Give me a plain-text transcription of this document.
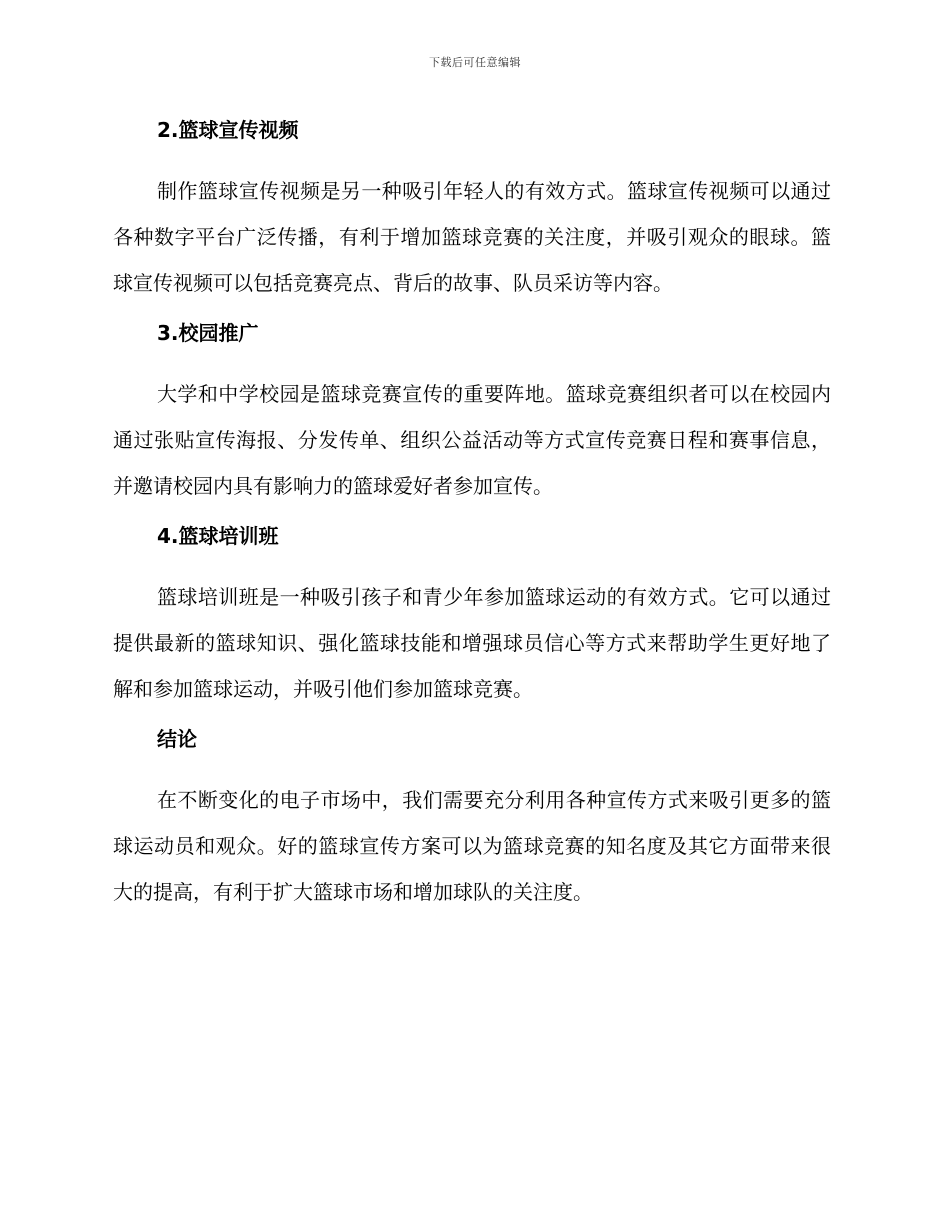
下载后可任意编辑
2.篮球宣传视频

制作篮球宣传视频是另一种吸引年轻人的有效方式。篮球宣传视频可以通过各种数字平台广泛传播，有利于增加篮球竞赛的关注度，并吸引观众的眼球。篮球宣传视频可以包括竞赛亮点、背后的故事、队员采访等内容。

3.校园推广

大学和中学校园是篮球竞赛宣传的重要阵地。篮球竞赛组织者可以在校园内通过张贴宣传海报、分发传单、组织公益活动等方式宣传竞赛日程和赛事信息，并邀请校园内具有影响力的篮球爱好者参加宣传。

4.篮球培训班

篮球培训班是一种吸引孩子和青少年参加篮球运动的有效方式。它可以通过提供最新的篮球知识、强化篮球技能和增强球员信心等方式来帮助学生更好地了解和参加篮球运动，并吸引他们参加篮球竞赛。

结论

在不断变化的电子市场中，我们需要充分利用各种宣传方式来吸引更多的篮球运动员和观众。好的篮球宣传方案可以为篮球竞赛的知名度及其它方面带来很大的提高，有利于扩大篮球市场和增加球队的关注度。
